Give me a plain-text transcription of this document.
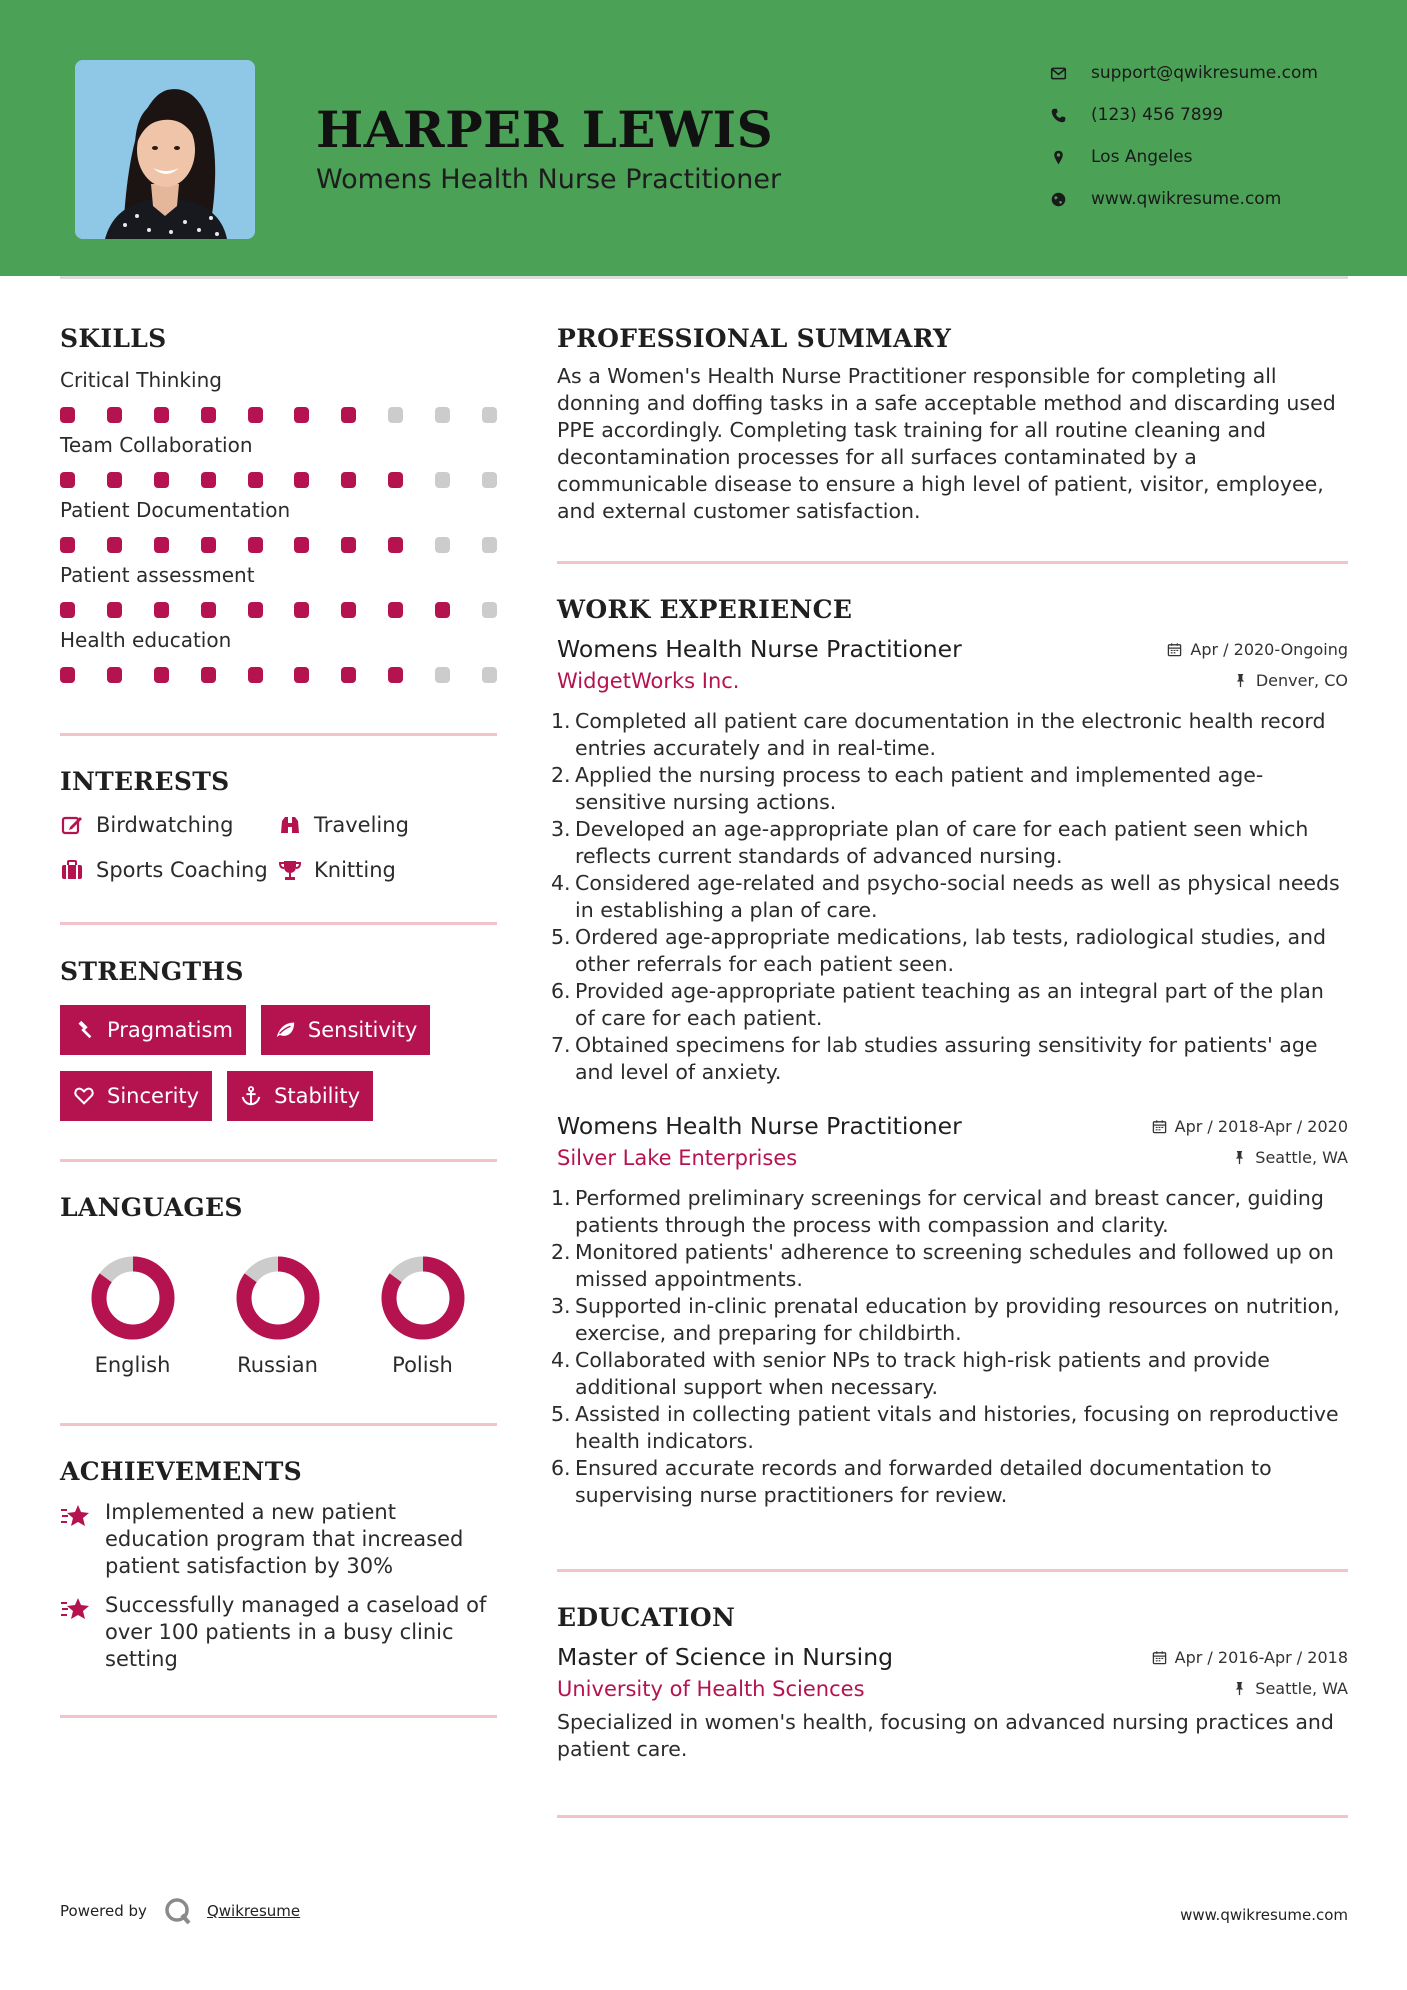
HARPER LEWIS
Womens Health Nurse Practitioner
support@qwikresume.com
(123) 456 7899
Los Angeles
www.qwikresume.com
SKILLS
Critical Thinking
Team Collaboration
Patient Documentation
Patient assessment
Health education
INTERESTS
Birdwatching	Traveling
Sports Coaching Knitting
STRENGTHS
Pragmatism	Sensitivity
Sincerity	Stability
LANGUAGES
English	Russian	Polish
ACHIEVEMENTS
Implemented a new patient education program that increased patient satisfaction by 30%
Successfully managed a caseload of over 100 patients in a busy clinic setting
PROFESSIONAL SUMMARY
As a Women's Health Nurse Practitioner responsible for completing all donning and doffing tasks in a safe acceptable method and discarding used PPE accordingly. Completing task training for all routine cleaning and decontamination processes for all surfaces contaminated by a communicable disease to ensure a high level of patient, visitor, employee, and external customer satisfaction.
WORK EXPERIENCE
Womens Health Nurse Practitioner	Apr / 2020-Ongoing
WidgetWorks Inc.	Denver, CO
1. Completed all patient care documentation in the electronic health record entries accurately and in real-time.
2. Applied the nursing process to each patient and implemented age-sensitive nursing actions.
3. Developed an age-appropriate plan of care for each patient seen which reflects current standards of advanced nursing.
4. Considered age-related and psycho-social needs as well as physical needs in establishing a plan of care.
5. Ordered age-appropriate medications, lab tests, radiological studies, and other referrals for each patient seen.
6. Provided age-appropriate patient teaching as an integral part of the plan of care for each patient.
7. Obtained specimens for lab studies assuring sensitivity for patients' age and level of anxiety.
Womens Health Nurse Practitioner	Apr / 2018-Apr / 2020
Silver Lake Enterprises	Seattle, WA
1. Performed preliminary screenings for cervical and breast cancer, guiding patients through the process with compassion and clarity.
2. Monitored patients' adherence to screening schedules and followed up on missed appointments.
3. Supported in-clinic prenatal education by providing resources on nutrition, exercise, and preparing for childbirth.
4. Collaborated with senior NPs to track high-risk patients and provide additional support when necessary.
5. Assisted in collecting patient vitals and histories, focusing on reproductive health indicators.
6. Ensured accurate records and forwarded detailed documentation to supervising nurse practitioners for review.
EDUCATION
Master of Science in Nursing	Apr / 2016-Apr / 2018
University of Health Sciences	Seattle, WA
Specialized in women's health, focusing on advanced nursing practices and patient care.
Powered by	Qwikresume	www.qwikresume.com
